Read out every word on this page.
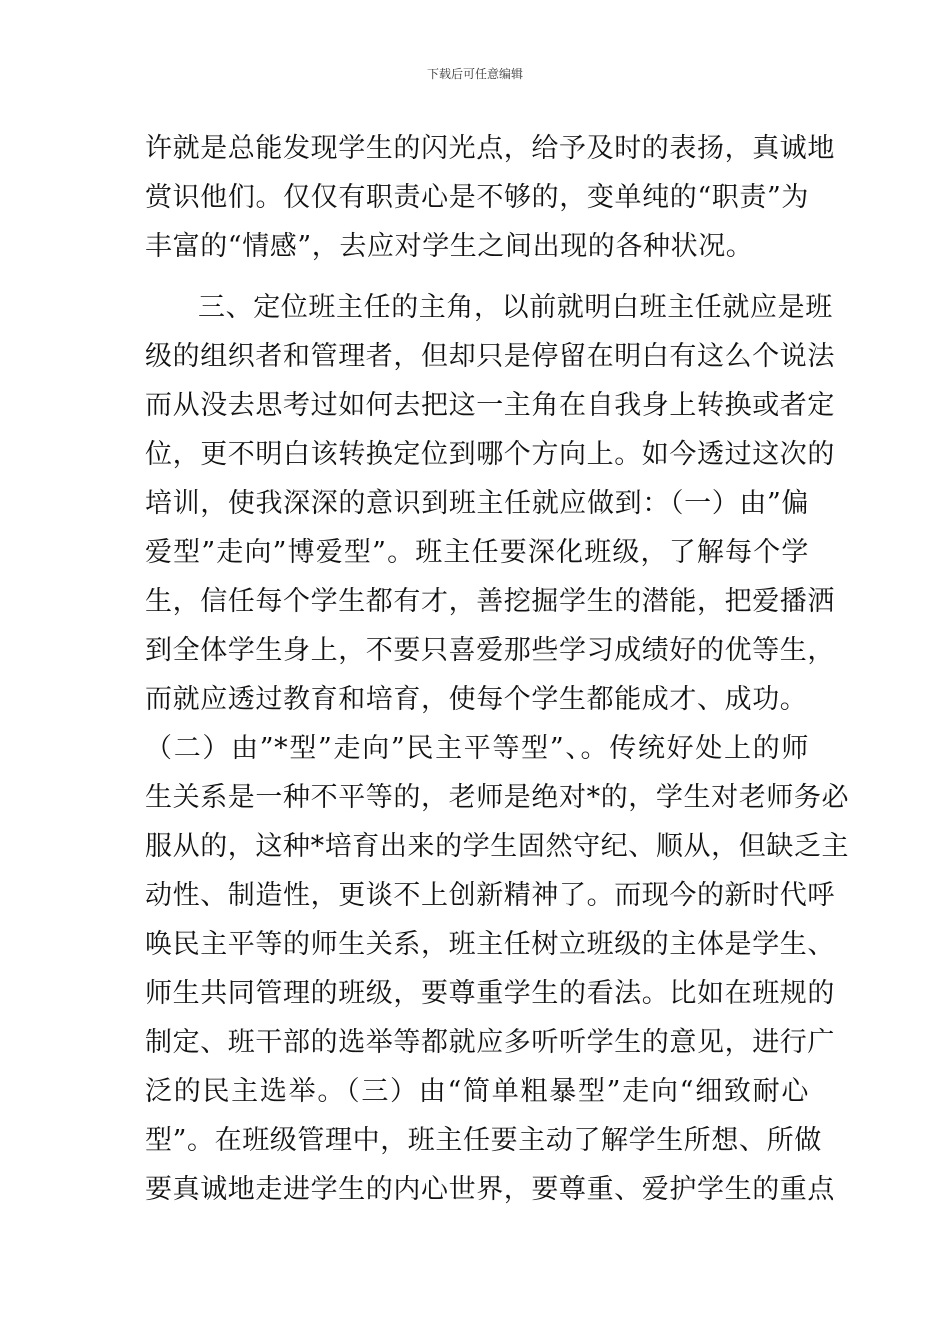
下载后可任意编辑
许就是总能发现学生的闪光点，给予及时的表扬，真诚地
赏识他们。仅仅有职责心是不够的，变单纯的“职责”为
丰富的“情感”，去应对学生之间出现的各种状况。
三、定位班主任的主角，以前就明白班主任就应是班
级的组织者和管理者，但却只是停留在明白有这么个说法
而从没去思考过如何去把这一主角在自我身上转换或者定
位，更不明白该转换定位到哪个方向上。如今透过这次的
培训，使我深深的意识到班主任就应做到：（一）由”偏
爱型”走向”博爱型”。班主任要深化班级，了解每个学
生，信任每个学生都有才，善挖掘学生的潜能，把爱播洒
到全体学生身上，不要只喜爱那些学习成绩好的优等生，
而就应透过教育和培育，使每个学生都能成才、成功。
（二）由”*型”走向”民主平等型”、。传统好处上的师
生关系是一种不平等的，老师是绝对*的，学生对老师务必
服从的，这种*培育出来的学生固然守纪、顺从，但缺乏主
动性、制造性，更谈不上创新精神了。而现今的新时代呼
唤民主平等的师生关系，班主任树立班级的主体是学生、
师生共同管理的班级，要尊重学生的看法。比如在班规的
制定、班干部的选举等都就应多听听学生的意见，进行广
泛的民主选举。（三）由“简单粗暴型”走向“细致耐心
型”。在班级管理中，班主任要主动了解学生所想、所做
要真诚地走进学生的内心世界，要尊重、爱护学生的重点
